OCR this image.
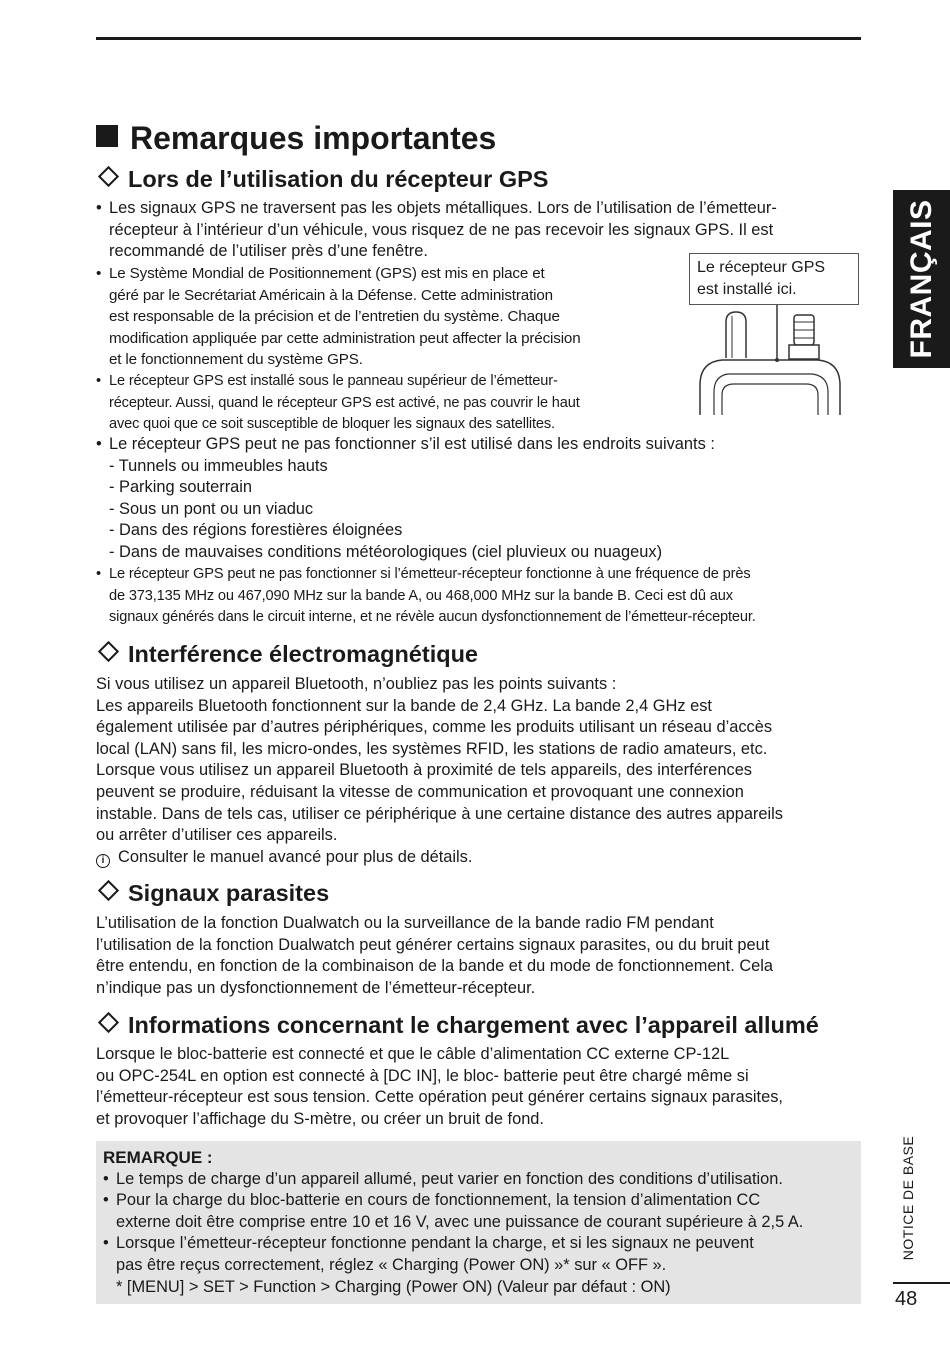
Remarques importantes
Lors de l’utilisation du récepteur GPS
• Les signaux GPS ne traversent pas les objets métalliques. Lors de l’utilisation de l’émetteur-
récepteur à l’intérieur d’un véhicule, vous risquez de ne pas recevoir les signaux GPS. Il est
recommandé de l’utiliser près d’une fenêtre.
• Le Système Mondial de Positionnement (GPS) est mis en place et
géré par le Secrétariat Américain à la Défense. Cette administration
est responsable de la précision et de l’entretien du système. Chaque
modification appliquée par cette administration peut affecter la précision
et le fonctionnement du système GPS.
• Le récepteur GPS est installé sous le panneau supérieur de l’émetteur-
récepteur. Aussi, quand le récepteur GPS est activé, ne pas couvrir le haut
avec quoi que ce soit susceptible de bloquer les signaux des satellites.
Le récepteur GPS
est installé ici.
• Le récepteur GPS peut ne pas fonctionner s’il est utilisé dans les endroits suivants :
- Tunnels ou immeubles hauts
- Parking souterrain
- Sous un pont ou un viaduc
- Dans des régions forestières éloignées
- Dans de mauvaises conditions météorologiques (ciel pluvieux ou nuageux)
• Le récepteur GPS peut ne pas fonctionner si l’émetteur-récepteur fonctionne à une fréquence de près
de 373,135 MHz ou 467,090 MHz sur la bande A, ou 468,000 MHz sur la bande B. Ceci est dû aux
signaux générés dans le circuit interne, et ne révèle aucun dysfonctionnement de l’émetteur-récepteur.
Interférence électromagnétique
Si vous utilisez un appareil Bluetooth, n’oubliez pas les points suivants :
Les appareils Bluetooth fonctionnent sur la bande de 2,4 GHz. La bande 2,4 GHz est
également utilisée par d’autres périphériques, comme les produits utilisant un réseau d’accès
local (LAN) sans fil, les micro-ondes, les systèmes RFID, les stations de radio amateurs, etc.
Lorsque vous utilisez un appareil Bluetooth à proximité de tels appareils, des interférences
peuvent se produire, réduisant la vitesse de communication et provoquant une connexion
instable. Dans de tels cas, utiliser ce périphérique à une certaine distance des autres appareils
ou arrêter d’utiliser ces appareils.
i Consulter le manuel avancé pour plus de détails.
Signaux parasites
L’utilisation de la fonction Dualwatch ou la surveillance de la bande radio FM pendant
l’utilisation de la fonction Dualwatch peut générer certains signaux parasites, ou du bruit peut
être entendu, en fonction de la combinaison de la bande et du mode de fonctionnement. Cela
n’indique pas un dysfonctionnement de l’émetteur-récepteur.
Informations concernant le chargement avec l’appareil allumé
Lorsque le bloc-batterie est connecté et que le câble d’alimentation CC externe CP-12L
ou OPC-254L en option est connecté à [DC IN], le bloc- batterie peut être chargé même si
l’émetteur-récepteur est sous tension. Cette opération peut générer certains signaux parasites,
et provoquer l’affichage du S-mètre, ou créer un bruit de fond.
REMARQUE :
• Le temps de charge d’un appareil allumé, peut varier en fonction des conditions d’utilisation.
• Pour la charge du bloc-batterie en cours de fonctionnement, la tension d’alimentation CC
externe doit être comprise entre 10 et 16 V, avec une puissance de courant supérieure à 2,5 A.
• Lorsque l’émetteur-récepteur fonctionne pendant la charge, et si les signaux ne peuvent
pas être reçus correctement, réglez « Charging (Power ON) »* sur « OFF ».
* [MENU] > SET > Function > Charging (Power ON) (Valeur par défaut : ON)
FRANÇAIS
NOTICE DE BASE
48
